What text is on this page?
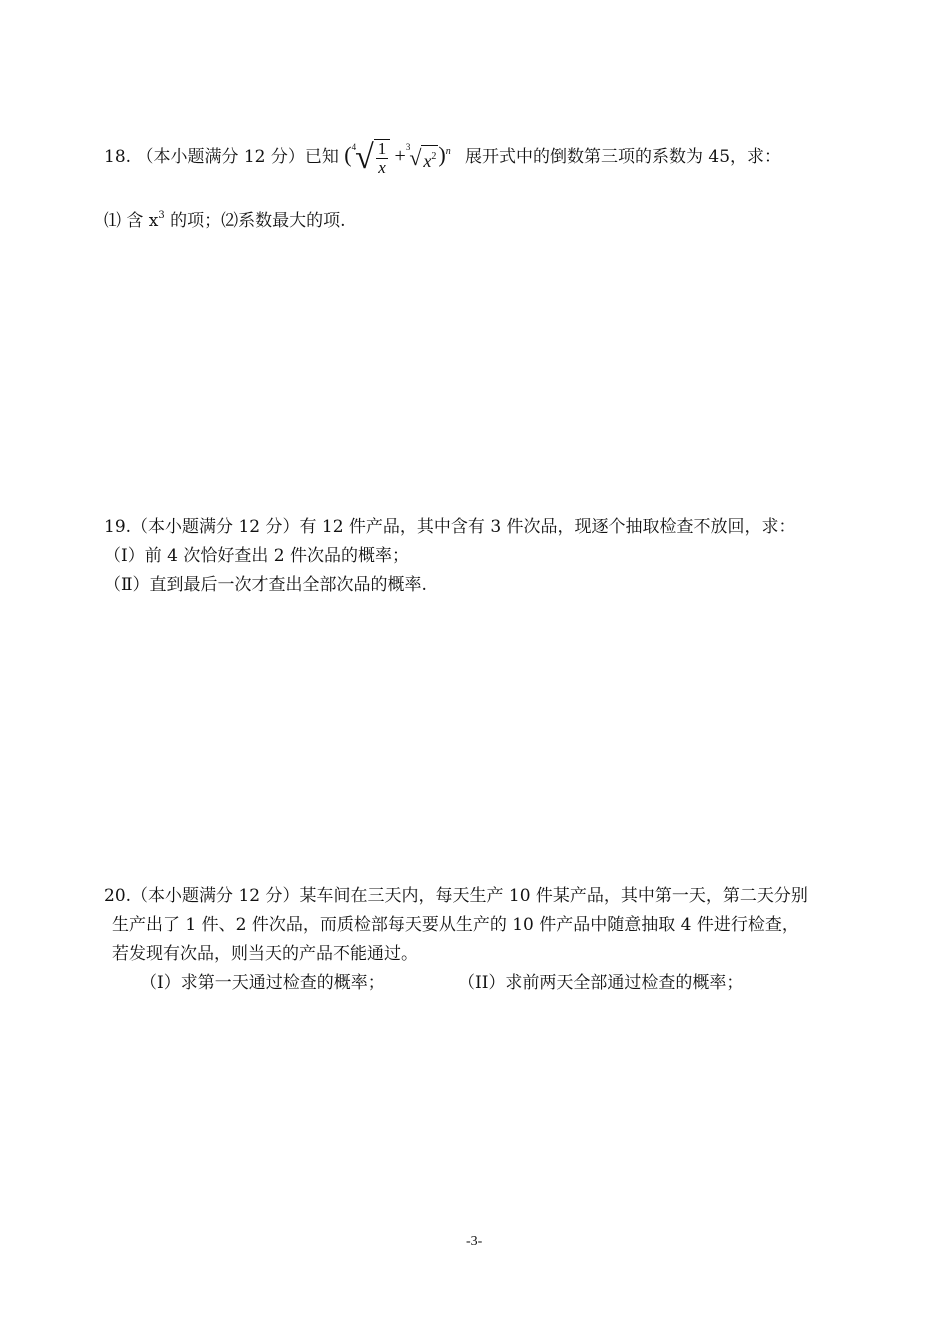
18. （本小题满分 12 分）已知 ($^4√ \frac{1}{x} +^3√$ $x^2)^n$ 展开式中的倒数第三项的系数为 45，求：
⑴ 含 $x^3$ 的项；⑵系数最大的项.
19.（本小题满分 12 分）有 12 件产品，其中含有 3 件次品，现逐个抽取检查不放回，求：
（Ⅰ）前 4 次恰好查出 2 件次品的概率；
（Ⅱ）直到最后一次才查出全部次品的概率.
20.（本小题满分 12 分）某车间在三天内，每天生产 10 件某产品，其中第一天，第二天分别
生产出了 1 件、2 件次品，而质检部每天要从生产的 10 件产品中随意抽取 4 件进行检查，
若发现有次品，则当天的产品不能通过。
（I）求第一天通过检查的概率；	（II）求前两天全部通过检查的概率；
-3-
